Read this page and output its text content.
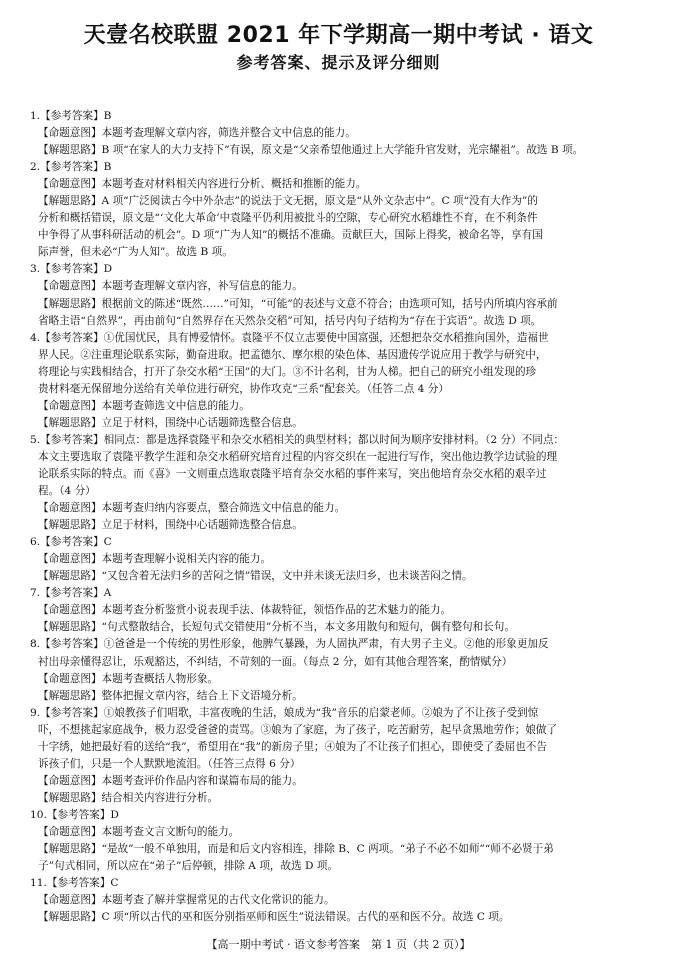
天壹名校联盟 2021 年下学期高一期中考试 · 语文
参考答案、提示及评分细则
1.【参考答案】B
【命题意图】本题考查理解文章内容，筛选并整合文中信息的能力。
【解题思路】B 项“在家人的大力支持下”有误，原文是“父亲希望他通过上大学能升官发财，光宗耀祖”。故选 B 项。
2.【参考答案】B
【命题意图】本题考查对材料相关内容进行分析、概括和推断的能力。
【解题思路】A 项“广泛阅读古今中外杂志”的说法于文无据，原文是“从外文杂志中”。C 项“没有大作为”的
分析和概括错误，原文是“‘文化大革命’中袁隆平仍利用被批斗的空隙，专心研究水稻雄性不育，在不利条件
中争得了从事科研活动的机会”。D 项“广为人知”的概括不准确。贡献巨大，国际上得奖，被命名等，享有国
际声誉，但未必“广为人知”。故选 B 项。
3.【参考答案】D
【命题意图】本题考查理解文章内容，补写信息的能力。
【解题思路】根据前文的陈述“既然……”可知，“可能”的表述与文意不符合；由选项可知，括号内所填内容承前
省略主语“自然界”，再由前句“自然界存在天然杂交稻”可知，括号内句子结构为“存在于宾语”。故选 D 项。
4.【参考答案】①优国忧民，具有博爱情怀。袁隆平不仅立志要使中国富强，还想把杂交水稻推向国外，造福世
界人民。②注重理论联系实际，勤奋进取。把孟德尔、摩尔根的染色体、基因遗传学说应用于教学与研究中，
将理论与实践相结合，打开了杂交水稻“王国”的大门。③不计名利，甘为人梯。把自己的研究小组发现的珍
贵材料毫无保留地分送给有关单位进行研究，协作攻克“三系”配套关。（任答二点 4 分）
【命题意图】本题考查筛选文中信息的能力。
【解题思路】立足于材料，围绕中心话题筛选整合信息。
5.【参考答案】相同点：都是选择袁隆平和杂交水稻相关的典型材料；都以时间为顺序安排材料。（2 分）不同点：
本文主要选取了袁隆平教学生涯和杂交水稻研究培育过程的内容交织在一起进行写作，突出他边教学边试验的理
论联系实际的特点。而《喜》一文则重点选取袁隆平培育杂交水稻的事件来写，突出他培育杂交水稻的艰辛过
程。（4 分）
【命题意图】本题考查归纳内容要点，整合筛选文中信息的能力。
【解题思路】立足于材料，围绕中心话题筛选整合信息。
6.【参考答案】C
【命题意图】本题考查理解小说相关内容的能力。
【解题思路】“又包含着无法归乡的苦闷之情”错误，文中并未谈无法归乡，也未谈苦闷之情。
7.【参考答案】A
【命题意图】本题考查分析鉴赏小说表现手法、体裁特征，领悟作品的艺术魅力的能力。
【解题思路】“句式整散结合，长短句式交错使用”分析不当，本文多用散句和短句，偶有整句和长句。
8.【参考答案】①爸爸是一个传统的男性形象，他脾气暴躁，为人固执严肃，有大男子主义。②他的形象更加反
衬出母亲懂得忍让，乐观豁达，不纠结，不苛刻的一面。（每点 2 分，如有其他合理答案，酌情赋分）
【命题意图】本题考查概括人物形象。
【解题思路】整体把握文章内容，结合上下文语境分析。
9.【参考答案】①娘教孩子们唱歌，丰富夜晚的生活，娘成为“我”音乐的启蒙老师。②娘为了不让孩子受到惊
吓，不想挑起家庭战争，极力忍受爸爸的责骂。③娘为了家庭，为了孩子，吃苦耐劳，起早贪黑地劳作；娘做了
十字绣，她把最好看的送给“我”，希望用在“我”的新房子里；④娘为了不让孩子们担心，即使受了委屈也不告
诉孩子们，只是一个人默默地流泪。（任答三点得 6 分）
【命题意图】本题考查评价作品内容和谋篇布局的能力。
【解题思路】结合相关内容进行分析。
10.【参考答案】D
【命题意图】本题考查文言文断句的能力。
【解题思路】“是故”一般不单独用，而是和后文内容相连，排除 B、C 两项。“弟子不必不如师”“师不必贤于弟
子”句式相同，所以应在“弟子”后停顿，排除 A 项，故选 D 项。
11.【参考答案】C
【命题意图】本题考查了解并掌握常见的古代文化常识的能力。
【解题思路】C 项“所以古代的巫和医分别指巫师和医生”说法错误。古代的巫和医不分。故选 C 项。
【高一期中考试 · 语文参考答案　第 1 页（共 2 页）】
